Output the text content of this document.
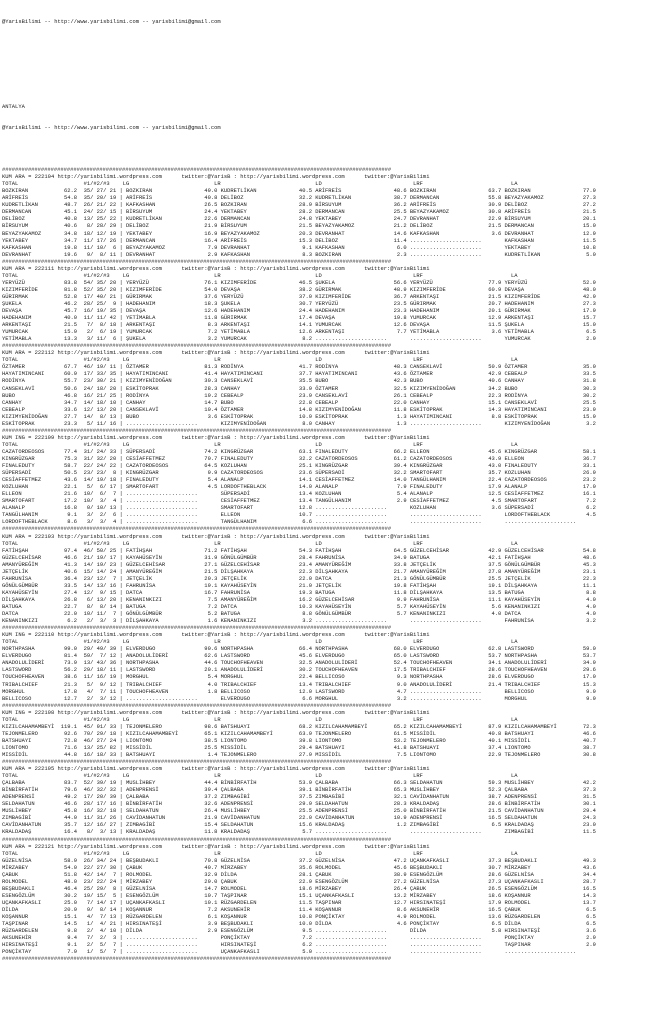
@YarisBilimi -- http://www.yarisbilimi.com -- yarisbilimi@gmail.com

ANTALYA

@YarisBilimi -- http://www.yarisbilimi.com -- yarisbilimi@gmail.com

########################################################################################################################
KUM ARA = 222104 http://yarisbilimi.wordpress.com      twitter:@YarisB : http://yarisbilimi.wordpress.com      twitter:@YarisBilimi
TOTAL                    #1/#2/#3    LG                          LR                             LD                            LRF                           LA
BOZKIRAN           62.2  35/ 27/ 21 | BOZKIRAN                49.0 KUDRETLİKAN             40.5 ARİFREİS                48.6 BOZKIRAN                63.7 BOZKIRAN                77.9
ARİFREİS           54.8  35/ 20/ 19 | ARİFREİS                40.8 DELİBOZ                 32.2 KUDRETLİKAN             38.7 DERMANCAN               55.8 BEYAZYAKAMOZ            27.3
KUDRETLİKAN        48.7  26/ 21/ 22 | KAFKASHAN               26.5 BOZKIRAN                28.9 BİRSUYUM                36.2 ARİFREİS                30.9 DELİBOZ                 27.2
DERMANCAN          45.1  24/ 22/ 15 | BİRSUYUM                24.4 YEKTABEY                28.2 DERMANCAN               25.5 BEYAZYAKAMOZ            30.8 ARİFREİS                21.5
DELİBOZ            40.8  13/ 25/ 22 | KUDRETLİKAN             22.6 DERMANCAN               24.8 YEKTABEY                24.7 DEVRANHAT               22.9 BİRSUYUM                20.1
BİRSUYUM           40.6   8/ 28/ 29 | DELİBOZ                 21.9 BİRSUYUM                21.5 BEYAZYAKAMOZ            21.2 DELİBOZ                 21.5 DERMANCAN               15.0
BEYAZYAKAMOZ       34.8  18/ 12/ 19 | YEKTABEY                16.9 BEYAZYAKAMOZ            20.3 DEVRANHAT               14.6 KAFKASHAN                3.6 DEVRANHAT               12.9
YEKTABEY           34.7  11/ 17/ 26 | DERMANCAN               16.4 ARİFREİS                15.3 DELİBOZ                 11.4 ......................       KAFKASHAN               11.5
KAFKASHAN          19.8  11/ 10/  6 | BEYAZYAKAMOZ             7.9 DEVRANHAT                9.1 KAFKASHAN                6.0 ......................       YEKTABEY                10.8
DEVRANHAT          19.6   9/  8/ 11 | DEVRANHAT                2.9 KAFKASHAN                8.3 BOZKIRAN                 2.3 ......................       KUDRETLİKAN              5.0
########################################################################################################################
KUM ARA = 222111 http://yarisbilimi.wordpress.com      twitter:@YarisB : http://yarisbilimi.wordpress.com      twitter:@YarisBilimi
TOTAL                    #1/#2/#3    LG                          LR                             LD                            LRF                           LA
YERYÜZÜ            83.8  54/ 35/ 20 | YERYÜZÜ                 76.1 KIZIMFERİDE             46.5 ŞUKELA                  56.6 YERYÜZÜ                 77.9 YERYÜZÜ                 52.9
KIZIMFERİDE        81.8  52/ 35/ 20 | KIZIMFERİDE             54.0 DEVAŞA                  38.2 GÜRIRMAK                48.9 KIZIMFERİDE             60.9 DEVAŞA                  48.0
GÜRIRMAK           52.8  17/ 40/ 21 | GÜRIRMAK                37.6 YERYÜZÜ                 37.0 KIZIMFERİDE             36.7 ARKENTAŞI               21.5 KIZIMFERİDE             42.9
ŞUKELA             46.2  28/ 25/  9 | HADEHANIM               18.3 ŞUKELA                  30.7 YERYÜZÜ                 23.5 GÜRIRMAK                20.7 HADEHANIM               27.3
DEVAŞA             45.7  16/ 19/ 35 | DEVAŞA                  12.6 HADEHANIM               24.4 HADEHANIM               23.3 HADEHANIM               20.1 GÜRIRMAK                17.9
HADEHANIM          40.0  11/ 11/ 42 | YETİMABLA               11.8 GÜRIRMAK                17.4 DEVAŞA                  19.8 YUMURCAK                12.9 ARKENTAŞI               15.7
ARKENTAŞI          21.5   7/  8/ 18 | ARKENTAŞI                8.3 ARKENTAŞI               14.1 YUMURCAK                12.6 DEVAŞA                  11.5 ŞUKELA                  15.0
YUMURCAK           15.9   2/  6/ 19 | YUMURCAK                 7.2 YETİMABLA               12.6 ARKENTAŞI                7.7 YETİMABLA                3.6 YETİMABLA                6.5
YETİMABLA          13.3   3/ 11/  6 | ŞUKELA                   3.2 YUMURCAK                 8.2 ......................       ......................       YUMURCAK                 2.9
########################################################################################################################
KUM ARA = 222112 http://yarisbilimi.wordpress.com      twitter:@YarisB : http://yarisbilimi.wordpress.com      twitter:@YarisBilimi
TOTAL                    #1/#2/#3    LG                          LR                             LD                            LRF                           LA
ÖZTAMER            67.7  46/ 19/ 11 | ÖZTAMER                 81.3 RODİNYA                 41.7 RODİNYA                 48.3 CANSEKLAVİ              50.9 ÖZTAMER                 35.0
HAYATIMINCANI      60.9  17/ 33/ 35 | HAYATIMINCANI           41.4 HAYATIMINCANI           37.7 HAYATIMINCANI           43.6 ÖZTAMER                 42.9 CEBEALP                 33.5
RODİNYA            55.7  23/ 30/ 21 | KIZIMYENİDOĞAN          30.3 CANSEKLAVİ              35.5 BUBO                    42.3 BUBO                    40.6 CANHAY                  31.8
CANSEKLAVİ         50.6  24/ 18/ 20 | ESKİTOPRAK              28.3 CANHAY                  33.9 ÖZTAMER                 32.5 KIZIMYENİDOĞAN          34.2 BUBO                    30.3
BUBO               46.8  16/ 21/ 25 | RODİNYA                 19.2 CEBEALP                 23.9 CANSEKLAVİ              26.1 CEBEALP                 22.3 RODİNYA                 30.2
CANHAY             34.7  14/ 18/ 10 | CANHAY                  14.7 BUBO                    22.8 CEBEALP                 22.0 CANHAY                  15.1 CANSEKLAVİ              25.5
CEBEALP            33.6  12/ 13/ 20 | CANSEKLAVİ              10.4 ÖZTAMER                 14.8 KIZIMYENİDOĞAN          11.8 ESKİTOPRAK              14.3 HAYATIMINCANI           23.9
KIZIMYENİDOĞAN     27.7  14/  8/ 13 | BUBO                     3.6 ESKİTOPRAK              10.9 ESKİTOPRAK               1.3 HAYATIMINCANI            8.8 ESKİTOPRAK              15.9
ESKİTOPRAK         23.3   5/ 11/ 16 | ......................       KIZIMYENİDOĞAN           8.0 CANHAY                   1.3 ......................       KIZIMYENİDOĞAN           3.2
########################################################################################################################
KUM ING = 222109 http://yarisbilimi.wordpress.com      twitter:@YarisB : http://yarisbilimi.wordpress.com      twitter:@YarisBilimi
TOTAL                    #1/#2/#3    LG                          LR                             LD                            LRF                           LA
CAZATORDEOSOS      77.4  31/ 24/ 33 | SÜPERSADİ               74.2 KINGRÜZGAR              63.1 FINALEDUTY              66.2 ELLEON                  45.6 KINGRÜZGAR              58.1
KINGRÜZGAR         75.3  31/ 32/ 20 | CESİAFFETMEZ            70.7 FINALEDUTY              32.2 CAZATORDEOSOS           61.2 CAZATORDEOSOS           43.9 ELLEON                  36.7
FINALEDUTY         58.7  22/ 24/ 22 | CAZATORDEOSOS           64.5 KOZLUHAN                25.1 KINGRÜZGAR              39.4 KINGRÜZGAR              43.0 FINALEDUTY              33.1
SÜPERSADİ          50.5  23/ 23/  8 | KINGRÜZGAR               9.9 CAZATORDEOSOS           23.6 SÜPERSADİ               32.2 SMARTOFART              35.7 KOZLUHAN                26.9
CESİAFFETMEZ       43.6  14/ 19/ 18 | FINALEDUTY               5.4 ALANALP                 14.1 CESİAFFETMEZ            14.0 TANGÜLHANIM             22.4 CAZATORDEOSOS           23.2
KOZLUHAN           22.1   5/  6/ 17 | SMARTOFART               4.5 LORDOFTHEBLACK          14.0 ALANALP                  7.9 FINALEDUTY              17.9 ALANALP                 17.0
ELLEON             21.6  10/  6/  7 | ......................       SÜPERSADİ               13.4 KOZLUHAN                 5.4 ALANALP                 12.5 CESİAFFETMEZ            16.1
SMARTOFART         17.2  10/  3/  4 | ......................       CESİAFFETMEZ            13.4 TANGÜLHANIM              2.9 CESİAFFETMEZ             4.5 SMARTOFART               7.2
ALANALP            16.8   0/ 10/ 13 | ......................       SMARTOFART              12.8 ......................       KOZLUHAN                 3.6 SÜPERSADİ                6.2
TANGÜLHANIM         9.1   3/  2/  6 | ......................       ELLEON                  10.7 ......................       ......................       LORDOFTHEBLACK           4.5
LORDOFTHEBLACK      8.6   3/  3/  4 | ......................       TANGÜLHANIM              6.6 ......................       ......................       ......................
########################################################################################################################
KUM ARA = 222103 http://yarisbilimi.wordpress.com      twitter:@YarisB : http://yarisbilimi.wordpress.com      twitter:@YarisBilimi
TOTAL                    #1/#2/#3    LG                          LR                             LD                            LRF                           LA
FATİHŞAH           97.4  46/ 50/ 25 | FATİHŞAH                71.2 FATİHŞAH                54.3 FATİHŞAH                64.5 GÜZELCEHİSAR            42.9 GÜZELCEHİSAR            54.8
GÜZELCEHİSAR       46.6  21/ 19/ 17 | KAYAHÜSEYİN             31.9 GÖNÜLGÜMBÜR             28.4 FAHRUNİSA               34.9 BATUGA                  42.1 FATİHŞAH                48.6
AMANYÜREĞİM        41.3  14/ 19/ 23 | GÜZELCEHİSAR            27.1 GÜZELCEHİSAR            23.4 AMANYÜREĞİM             33.8 JETÇELİK                37.5 GÖNÜLGÜMBÜR             45.3
JETÇELİK           40.6  15/ 14/ 24 | AMANYÜREĞİM             21.5 DİLŞAHKAYA              22.3 DİLŞAHKAYA              21.7 AMANYÜREĞİM             27.8 AMANYÜREĞİM             23.1
FAHRUNİSA          36.4  23/ 12/  7 | JETÇELİK                20.3 JETÇELİK                22.0 DATCA                   21.3 GÖNÜLGÜMBÜR             25.5 JETÇELİK                22.3
GÖNÜLGÜMBÜR        33.5  14/ 13/ 16 | FAHRUNİSA               19.1 KAYAHÜSEYİN             21.0 JETÇELİK                19.8 FATİHŞAH                19.1 DİLŞAHKAYA              11.1
KAYAHÜSEYİN        27.4  12/  9/ 15 | DATCA                   16.7 FAHRUNİSA               19.3 BATUGA                  11.8 DİLŞAHKAYA              13.5 BATUGA                   8.8
DİLŞAHKAYA         26.8   6/ 13/ 20 | KENANINKIZI              7.5 AMANYÜREĞİM             16.2 GÜZELCEHİSAR             9.9 FAHRUNİSA               11.1 KAYAHÜSEYİN              4.0
BATUGA             22.7   8/  8/ 14 | BATUGA                   7.2 DATCA                   10.3 KAYAHÜSEYİN              5.7 KAYAHÜSEYİN              5.6 KENANINKIZI              4.0
DATCA              22.0  10/ 11/  7 | GÖNÜLGÜMBÜR              5.2 BATUGA                   8.8 GÖNÜLGÜMBÜR              5.7 KENANINKIZI              4.0 DATCA                    4.0
KENANINKIZI         6.2   2/  3/  3 | DİLŞAHKAYA               1.6 KENANINKIZI              3.2 ......................       ......................       FAHRUNİSA                3.2
########################################################################################################################
KUM ING = 222110 http://yarisbilimi.wordpress.com      twitter:@YarisB : http://yarisbilimi.wordpress.com      twitter:@YarisBilimi
TOTAL                    #1/#2/#3    LG                          LR                             LD                            LRF                           LA
NORTHPASHA         99.0  29/ 49/ 39 | ELVERDUGO               90.6 NORTHPASHA              66.4 NORTHPASHA              68.0 ELVERDUGO               62.8 LASTSWORD               59.0
ELVERDUGO          81.4  59/  7/ 12 | ANADOLULİDERİ           62.6 LASTSWORD               45.6 ELVERDUGO               65.0 LASTSWORD               53.7 NORTHPASHA              53.7
ANADOLULİDERİ      73.9  13/ 43/ 36 | NORTHPASHA              44.6 TOUCHOFHEAVEN           32.5 ANADOLULİDERİ           52.4 TOUCHOFHEAVEN           34.1 ANADOLULİDERİ           34.9
LASTSWORD          56.2  29/ 18/ 11 | LASTSWORD               20.1 ANADOLULİDERİ           30.2 TOUCHOFHEAVEN           17.5 TRIBALCHIEF             28.6 TOUCHOFHEAVEN           29.6
TOUCHOFHEAVEN      38.6  11/ 16/ 19 | MORGHUL                  5.4 MORGHUL                 22.4 BELLICOSO                9.3 NORTHPASHA              28.6 ELVERDUGO               17.0
TRIBALCHIEF        21.3   5/  9/ 12 | TRIBALCHIEF              4.0 TRIBALCHIEF             13.4 TRIBALCHIEF              9.0 ANADOLULİDERİ           21.4 TRIBALCHIEF             15.3
MORGHUL            17.8   4/  7/ 11 | TOUCHOFHEAVEN            1.8 BELLICOSO               12.0 LASTSWORD                4.7 ......................       BELLICOSO                9.9
BELLICOSO          12.7   2/  3/ 12 | ......................       ELVERDUGO                6.6 MORGHUL                  3.2 ......................       MORGHUL                  9.9
########################################################################################################################
KUM ING = 222108 http://yarisbilimi.wordpress.com      twitter:@YarisB : http://yarisbilimi.wordpress.com      twitter:@YarisBilimi
TOTAL                    #1/#2/#3    LG                          LR                             LD                            LRF                           LA
KIZILCAHAMAMBEYİ  119.1  45/ 91/ 33 | TEJONMELERO             98.6 BATSHUAYI               68.2 KIZILCAHAMAMBEYİ        65.2 KIZILCAHAMAMBEYİ        87.9 KIZILCAHAMAMBEYİ        72.3
TEJONMELERO        92.6  70/ 29/ 18 | KIZILCAHAMAMBEYİ        65.1 KIZILCAHAMAMBEYİ        63.9 TEJONMELERO             61.5 MISSİDİL                40.8 BATSHUAYI               46.6
BATSHUAYI          72.8  46/ 27/ 24 | LIONTOMO                38.5 LIONTOMO                39.8 LIONTOMO                53.2 TEJONMELERO             40.1 MISSİDİL                40.7
LIONTOMO           71.6  13/ 25/ 82 | MISSİDİL                25.5 MISSİDİL                29.4 BATSHUAYI               41.8 BATSHUAYI               37.4 LIONTOMO                38.7
MISSİDİL           44.8  16/ 18/ 33 | BATSHUAYI                1.4 TEJONMELERO             27.9 MISSİDİL                 7.5 LIONTOMO                22.9 TEJONMELERO             30.8
########################################################################################################################
KUM ARA = 222105 http://yarisbilimi.wordpress.com      twitter:@YarisB : http://yarisbilimi.wordpress.com      twitter:@YarisBilimi
TOTAL                    #1/#2/#3    LG                          LR                             LD                            LRF                           LA
ÇALBABA            83.7  52/ 39/ 19 | MUSLİHBEY               44.4 BİNBİRFATİH             53.9 ÇALBABA                 66.3 SELDAHATUN              59.3 MUSLİHBEY               42.2
BİNBİRFATİH        79.6  46/ 32/ 32 | ADENPRENSİ              39.4 ÇALBABA                 39.1 BİNBİRFATİH             65.3 MUSLİHBEY               52.3 ÇALBABA                 37.3
ADENPRENSİ         49.2  17/ 20/ 39 | ÇALBABA                 37.2 ZIMBAGİBİ               37.5 ZIMBAGİBİ               32.1 CAVİDANHATUN            38.7 ADENPRENSİ              31.5
SELDAHATUN         46.6  28/ 17/ 16 | BİNBİRFATİH             32.6 ADENPRENSİ              29.9 SELDAHATUN              28.3 KRALDADAŞ               28.6 BİNBİRFATİH             30.1
MUSLİHBEY          45.8  16/ 32/ 18 | SELDAHATUN              26.4 MUSLİHBEY               25.5 ADENPRENSİ              25.0 BİNBİRFATİH             21.5 CAVİDANHATUN            29.4
ZIMBAGİBİ          44.0  11/ 31/ 26 | CAVİDANHATUN            21.9 CAVİDANHATUN            22.0 CAVİDANHATUN            10.9 ADENPRENSİ              16.5 SELDAHATUN              24.3
CAVİDANHATUN       35.7  12/ 16/ 27 | ZIMBAGİBİ               15.4 SELDAHATUN              15.6 KRALDADAŞ                1.2 ZIMBAGİBİ                6.5 KRALDADAŞ               23.0
KRALDADAŞ          16.4   8/  3/ 13 | KRALDADAŞ               11.8 KRALDADAŞ                5.7 ......................       ......................       ZIMBAGİBİ               11.5
########################################################################################################################
KUM ARA = 222121 http://yarisbilimi.wordpress.com      twitter:@YarisB : http://yarisbilimi.wordpress.com      twitter:@YarisBilimi
TOTAL                    #1/#2/#3    LG                          LR                             LD                            LRF                           LA
GÜZELNİSA          58.9  26/ 34/ 24 | BEŞBUDAKLI              70.8 GÜZELNİSA               37.2 GÜZELNİSA               47.2 UÇANKAFKASLI            37.3 BEŞBUDAKLI              49.3
MİRZABEY           54.0  22/ 27/ 30 | ÇABUK                   40.7 MİRZABEY                35.6 ROLMODEL                45.6 BEŞBUDAKLI              30.7 MİRZABEY                43.6
ÇABUK              51.8  42/ 14/  7 | ROLMODEL                32.9 DİLDA                   28.1 ÇABUK                   38.9 ESENGÖZLÜM              28.6 GÜZELNİSA               34.4
ROLMODEL           48.0  23/ 22/ 24 | MİRZABEY                29.0 ÇABUK                   22.9 ESENGÖZLÜM              27.2 GÜZELNİSA               27.3 UÇANKAFKASLI            28.7
BEŞBUDAKLI         46.4  25/ 29/  8 | GÜZELNİSA               14.7 ROLMODEL                18.6 MİRZABEY                26.4 ÇABUK                   26.5 ESENGÖZLÜM              16.5
ESENGÖZLÜM         30.2  19/ 15/  5 | ESENGÖZLÜM              10.7 TAŞPINAR                15.1 UÇANKAFKASLI            13.2 MİRZABEY                18.6 KOŞANNUR                14.3
UÇANKAFKASLI       25.0   7/ 14/ 17 | UÇANKAFKASLI            10.1 RÜZGARDELEN             11.5 TAŞPINAR                12.7 HIRSINATEŞİ             17.9 ROLMODEL                13.7
DİLDA              20.9   9/  8/ 14 | KOŞANNUR                 7.2 AKSUNEHİR               11.4 KOŞANNUR                 8.6 AKSUNEHİR               16.5 ÇABUK                    6.5
KOŞANNUR           15.1   4/  7/ 13 | RÜZGARDELEN              6.1 KOŞANNUR                10.8 PONÇİKTAY                4.9 ROLMODEL                13.6 RÜZGARDELEN              6.5
TAŞPINAR           14.5   1/  4/ 21 | HIRSINATEŞİ              3.9 BEŞBUDAKLI              10.0 DİLDA                    4.6 PONÇİKTAY                6.5 DİLDA                    6.5
RÜZGARDELEN         9.8   2/  4/ 10 | DİLDA                    2.9 ESENGÖZLÜM               9.5 ......................       DİLDA                    5.8 HIRSINATEŞİ              3.6
AKSUNEHİR           9.4   7/  2/  3 | ......................       PONÇİKTAY                7.2 ......................       ......................       PONÇİKTAY                2.9
HIRSINATEŞİ         9.1   2/  5/  7 | ......................       HIRSINATEŞİ              6.2 ......................       ......................       TAŞPINAR                 2.9
PONÇİKTAY           7.9   1/  5/  7 | ......................       UÇANKAFKASLI             5.0 ......................       ......................       ......................
########################################################################################################################
